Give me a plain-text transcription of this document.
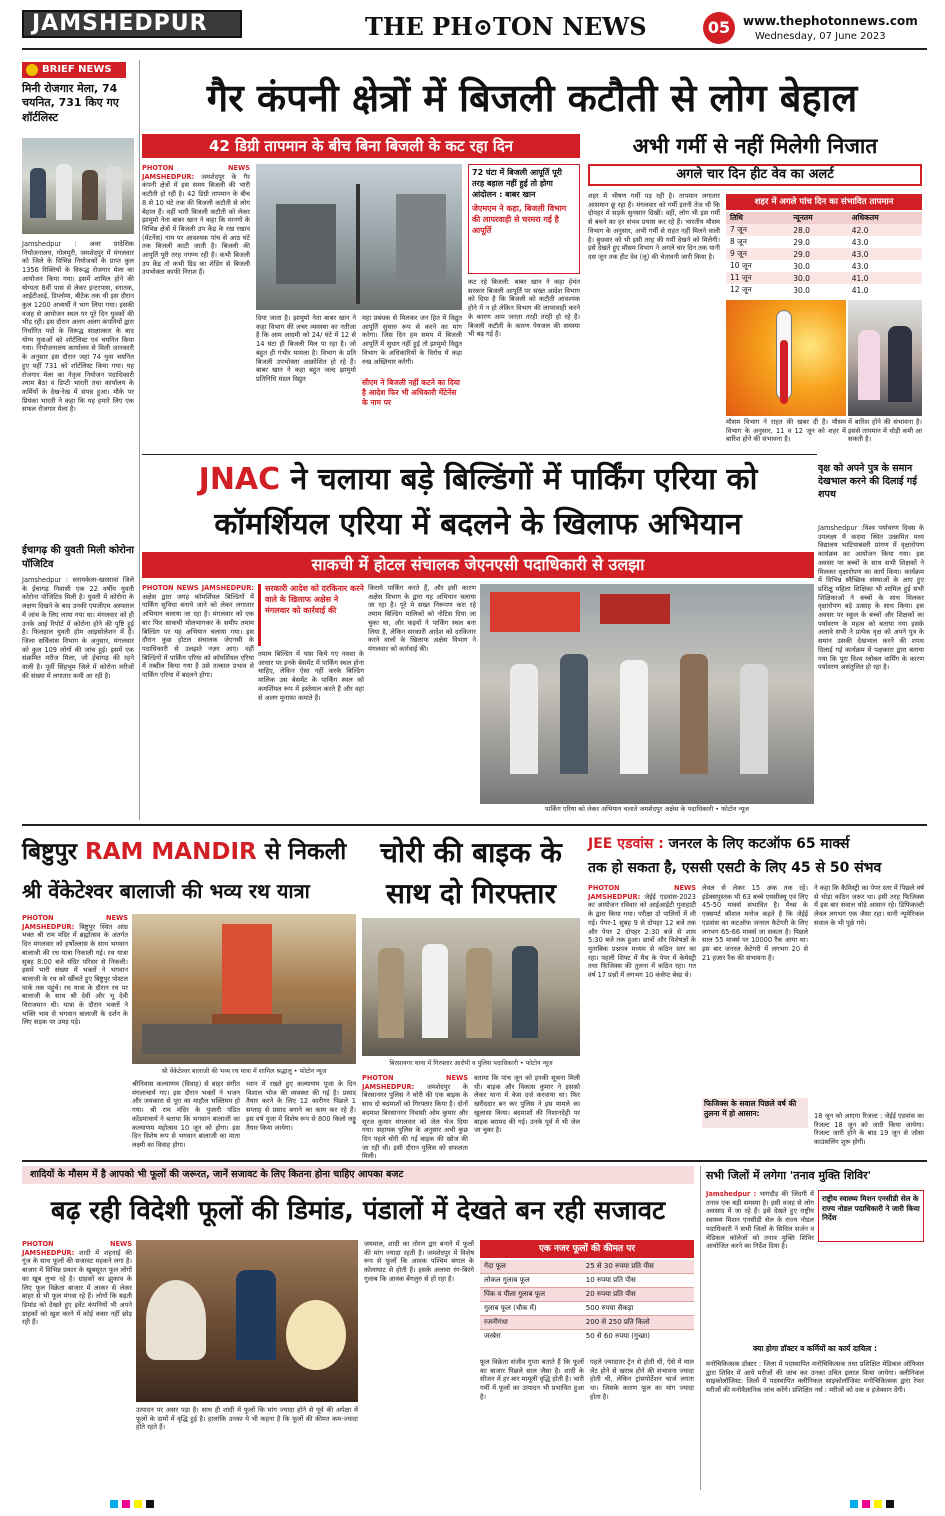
JAMSHEDPUR	THE PH⊙TON NEWS	05	www.thephotonnews.com
Wednesday, 07 June 2023
BRIEF NEWS
मिनी रोजगार मेला, 74 चयनित, 731 किए गए शॉर्टलिस्ट
Jamshedpur : अवर प्रादेशिक नियोजनालय, गोलमुरी, जमशेदपुर में मंगलवार को जिले के विभिन्न नियोजकों के प्राप्त कुल 1356 रिक्तियों के विरूद्ध रोजगार मेला का आयोजन किया गया। इसमें शामिल होने की योग्यता 8वीं पास से लेकर इन्टरपास, स्नातक, आईटीआई, डिप्लोमा, बीटेक तक थी इस दौरान कुल 1200 अभ्यर्थी ने भाग लिया गया। इसकी वजह से आयोजन स्थल पर पूरे दिन युवकों की भीड़ रही। इस दौरान अलग अलग कंपनियों द्वारा निर्धारित पदों के विरूद्ध साक्षात्कार के बाद योग्य युवाओं को शॉर्टलिस्ट एवं चयनित किया गया। नियोजनालय कार्यालय से मिली जानकारी के अनुसार इस दौरान जहां 74 युवा चयनित हुए वहीं 731 को शॉर्टलिस्ट किया गया। यह रोजगार मेला का नेतृत्व नियोजन पदाधिकारी श्याम बैठा व डिप्टी भारती तथा कार्यालय के कर्मियों के देख-रेख में संपन्न हुआ। मौके पर प्रियंका भारती ने कहा कि यह हमारे लिए एक सफल रोजगार मेला है।
ईचागढ़ की युवती मिली कोरोना पॉजिटिव
Jamshedpur : सरायकेला-खरसावां जिले के ईचागढ़ निवासी एक 22 वर्षीय युवती कोरोना पॉजिटिव मिली है। युवती में कोरोना के लक्षण दिखने के बाद उनकी एमजीएम अस्पताल में जांच के लिए लाया गया था। मंगलवार को ही उनके आई रिपोर्ट में कोरोना होने की पुष्टि हुई है। फिलहाल युवती होम आइसोलेशन में हैं। जिला सर्विलांस विभाग के अनुसार, मंगलवार को कुल 109 लोगों की जांच हुई। इसमें एक संक्रमित मरीज मिला, जो ईचागढ़ की रहने वाली है। पूर्वी सिंहभूम जिले में कोरोना मरीजों की संख्या में लगातार कमी आ रही है।
गैर कंपनी क्षेत्रों में बिजली कटौती से लोग बेहाल
42 डिग्री तापमान के बीच बिना बिजली के कट रहा दिन
PHOTON NEWS JAMSHEDPUR: जमशेदपुर के गैर कंपनी क्षेत्रों में इस समय बिजली की भारी कटौती हो रही है। 42 डिग्री तापमान के बीच 8 से 10 घंटे तक की बिजली कटौती से लोग बेहाल हैं। वहीं भारी बिजली कटौती को लेकर झामुमो नेता बाबर खान ने कहा कि मानगो के विभिन्न क्षेत्रों में बिजली उप केंद्र के रख रखाव (मेंटनेंस) नाम पर आवश्यक पांच से आठ घंटे तक बिजली काटी जाती है। बिजली की आपूर्ति पूरी तरह नगण्य रही है। कभी बिजली उप केंद्र तो कभी ग्रिड का शेडिंग से बिजली उपभोक्ता काफी निराश हैं।
दिया जाता है। झामुमो नेता बाबर खान ने कहा विभाग की लचर व्यवस्था का नतीजा है कि आम आदमी को 24/ घंटे में 12 से 14 घंटा ही बिजली मिल पा रहा है। जो बहुत ही गंभीर मामला है। विभाग के प्रति बिजली उपभोक्ता आक्रोशित हो रहे हैं। बाबर खान ने कहा बहुत जल्द झामुमो प्रतिनिधि मंडल विद्युत
महा प्रबंधक से मिलकर जन हित में विद्युत आपूर्ति सुचारु रूप से करने का मांग करेगा। जिस दिन हम समय में बिजली आपूर्ति में सुधार नहीं हुई तो झामुमो विद्युत विभाग के अधिकारियों के विरोध में कड़ा रुख अख्तियार करेगी।
सीएम ने बिजली नहीं कटने का दिया है आदेश फिर भी अधिकारी मेंटेनेंस के नाम पर
72 घंटा में बिजली आपूर्ति पूरी तरह बहाल नहीं हुई तो होगा आंदोलन : बाबर खान
जेएमएम ने कहा, बिजली विभाग की लापरवाही से चरमरा गई है आपूर्ति
कट रहे बिजली: बाबर खान ने कहा हेमंत सरकार बिजली आपूर्ति पर सख्त आदेश विभाग को दिया है कि बिजली को कटौती आवश्यक होने में न हो लेकिन विभाग की लापरवाही करने के कारण आम जनता तरही तरही हो रहे हैं। बिजली कटौती के कारण पेयजल की समस्या भी बढ़ गई है।
अभी गर्मी से नहीं मिलेगी निजात
अगले चार दिन हीट वेव का अलर्ट
शहर में भीषण गर्मी पड़ रही है। तापमान लगातार आसमान छू रहा है। मंगलवार को गर्मी इतनी तेज थी कि दोपहर में सड़कें सुनसान दिखीं। वहीं, लोग भी इस गर्मी से बचने का हर संभव प्रयास कर रहे हैं। भारतीय मौसम विभाग के अनुसार, अभी गर्मी से राहत नहीं मिलने वाली है। बुधवार को भी इसी तरह की गर्मी देखने को मिलेगी। इसे देखते हुए मौसम विभाग ने अगले चार दिन तक यानी दस जून तक हीट वेव (लू) की चेतावनी जारी किया है।
शहर में अगले पांच दिन का संभावित तापमान
तिथि	न्यूनतम	अधिकतम
7 जून	28.0	42.0
8 जून	29.0	43.0
9 जून	29.0	43.0
10 जून	30.0	43.0
11 जून	30.0	41.0
12 जून	30.0	41.0
मौसम विभाग ने राहत की खबर दी है। मौसम विभाग के अनुसार, 11 व 12 जून को शहर में बारिश होने की संभावना है।
में बारिश होने की संभावना है। इससे तापमान में थोड़ी कमी आ सकती है।
JNAC ने चलाया बड़े बिल्डिंगों में पार्किंग एरिया को
कॉमर्शियल एरिया में बदलने के खिलाफ अभियान
साकची में होटल संचालक जेएनएसी पदाधिकारी से उलझा
PHOTON NEWS JAMSHEDPUR: अक्षेस द्वारा जगह कॉमर्शियल बिल्डिंगों में पार्किंग सुविधा बनाये जाने को लेकर लगातार अभियान चलाया जा रहा है। मंगलवार को एक बार फिर साकची मोलभागकर के समीप तमाम बिल्डिंग पर यह अभियान चलाया गया। इस दौरान कुछ होटल संचालक जेएनसी के पदाधिकारी से उलझते नज़र आए। वहीं बिल्डिंगों में पार्किंग एरिया को कॉमर्शियल एरिया में तब्दील किया गया है उसे तत्काल प्रभाव से पार्किंग एरिया में बदलने होगा।
सरकारी आदेश को दरकिनार करने वाले के खिलाफ अक्षेस ने मंगलवार को कार्रवाई की
तमाम बिल्डिंग में पास किये गए नक्शा के आधार पर इनके बेसमेंट में पार्किंग स्थल होना चाहिए, लेकिन ऐसा नहीं करके बिल्डिंग मालिक उस बेसमेंट के पार्किंग स्थल को कमर्शियल रूप में इस्तेमाल करते हैं और वहां से अलग मुनाफा कमाते हैं।
किराये पार्किंग करते हैं, और इसी कारण अक्षेस विभाग के द्वारा यह अभियान चलाया जा रहा है। पूरे मे सख्त निरूपण करा रहे तमाम बिल्डिंग मालिकों को नोटिस दिया जा चुका था, और कइयों ने पार्किंग स्थल बना लिया है, लेकिन सरकारी आदेश को दरकिनार करने वालों के खिलाफ अक्षेस विभाग ने मंगलवार को कार्रवाई की।
पार्किंग एरिया को लेकर अभियान चलाते जमशेदपुर अक्षेस के पदाधिकारी • फोटोन न्यूज
वृक्ष को अपने पुत्र के समान देखभाल करने की दिलाई गई शपथ
Jamshedpur :विश्व पर्यावरण दिवस के उपलक्ष्य में कदमा स्थित उत्क्रमित मध्य विद्यालय भाटियाबस्ती प्रांगण में वृक्षारोपण कार्यक्रम का आयोजन किया गया। इस अवसर पर बच्चों के साथ सभी शिक्षकों ने मिलकर वृक्षारोपण का कार्य किया। कार्यक्रम में विभिन्न स्वैच्छिक संस्थाओं के आए हुए प्रशिक्षु महिला शिक्षिका भी शामिल हुई सभी शिक्षिकाओं ने बच्चों के साथ मिलकर वृक्षारोपण बड़े उत्साह के साथ किया। इस अवसर पर स्कूल के बच्चों और शिक्षकों का पर्यावरण के महत्व को बताया गया इसके अलावे सभी ने प्रत्येक वृक्ष को अपने पुत्र के समान उसकी देखभाल करने की शपथ दिलाई गई कार्यक्रम में पक्षकारा द्वारा बताया गया कि पूरा विश्व ग्लोबल वार्मिंग के कारण पर्यावरण असंतुलित हो रहा है।
बिष्टुपुर RAM MANDIR से निकली
श्री वेंकेटेश्वर बालाजी की भव्य रथ यात्रा
PHOTON NEWS JAMSHEDPUR: बिष्टुपुर स्थित आंध्र भक्त श्री राम मंदिर में ब्रह्मोत्सव के अंतर्गत दिन मंगलवार को हर्षोल्लास के साथ भगवान बालाजी की रथ यात्रा निकाली गई। रथ यात्रा सुबह 8:00 बजे मंदिर परिसर से निकली। इसमें भारी संख्या में भक्तों ने भगवान बालाजी के रथ को खींचते हुए बिष्टुपुर पोस्टल पार्क तक पहुंचे। रथ यात्रा के दौरान रथ पर बालाजी के साथ श्री देवी और भू देवी विराजमान थी। यात्रा के दौरान भक्तों ने भक्ति भाव से भगवान बालाजी के दर्शन के लिए सड़क पर उमड़ पड़े।
श्री वेंकेटेश्वर बालाजी की भव्य रथ यात्रा में शामिल श्रद्धालु • फोटोन न्यूज
श्रीनिवास कल्याणम (विवाह) से बाहर संगीत मंगलाचार्य गए। इस दौरान भक्तों ने भजन और जयकारा से पूरा का माहौल भक्तिमय हो गया। श्री राम मंदिर के पुजारी पंडित कोंडमाचार्य ने बताया कि भगवान बालाजी का कल्याणम महोत्सव 10 जून को होगा। इस दिन विशेष रूप से भगवान बालाजी का माता लक्ष्मी का विवाह होगा।
ध्यान में रखते हुए कल्याणम पूजा के दिन विशाल भोज की व्यवस्था की गई है। प्रसाद तैयार करने के लिए 12 कारीगर पिछले 1 सप्ताह से प्रसाद बनाने का काम कर रहे हैं। इस वर्ष पूजा में विशेष रूप से 800 किलो लड्डू तैयार किया जायेगा।
चोरी की बाइक के
साथ दो गिरफ्तार
बिरसानगर थाना में गिरफ्तार आरोपी व पुलिस पदाधिकारी • फोटोन न्यूज
PHOTON NEWS JAMSHEDPUR: जमशेदपुर के बिरसानगर पुलिस ने चोरी की एक बाइक के साथ दो बदमाशों को गिरफ्तार किया है। दोनों बदमाश बिरसानगर निवासी ओम कुमार और सूरज कुमार मंगलवार को जेल भेज दिया गया। सहायक पुलिस के अनुसार अभी कुछ दिन पहले चोरी की गई बाइक की खोज की जा रही थी। इसी दौरान पुलिस को सफलता मिली।
बताया कि पांच जून को इनकी सूचना मिली थी। बाइक और विकास कुमार ने इसको लेकर थाना में केस दर्ज करवाया था। फिर खरीददार बन कर पुलिस ने इस मामले का खुलासा किया। बदमाशों की निशानदेही पर बाइक बरामद की गई। उनके पूर्व में भी जेल जा चुका है।
JEE एडवांस : जनरल के लिए कटऑफ 65 मार्क्स
तक हो सकता है, एससी एसटी के लिए 45 से 50 संभव
PHOTON NEWS JAMSHEDPUR: जेईई एडवांस-2023 का आयोजन रविवार को आईआईटी गुवाहाटी के द्वारा किया गया। परीक्षा दो पालियों में ली गई। पेपर-1 सुबह 9 से दोपहर 12 बजे तक और पेपर 2 दोपहर 2:30 बजे से शाम 5:30 बजे तक हुआ। छात्रों और विशेषज्ञों के मुताबिक प्रश्नपत्र मध्यम से कठिन स्तर का रहा। पहली शिफ्ट में मैथ के पेपर में केमेस्ट्री तथा फिजिक्स की तुलना में कठिन रहा। गत वर्ष 17 प्रश्नों में लगभग 10 कंसेप्ट बेस्ड थे।
लेवल से लेकर 15 अंक तक रहे। इंडेक्सपुस्तक भी 63 बच्चे एमसीक्यू एवं लिए 45-50 मार्क्स संभावित है। मैथ्स के एक्सपर्ट कौशल मनोज कहते हैं कि जेईई एडवांस का कटऑफ जनरल कैटेगरी के लिए लगभग 65-66 मार्क्स जा सकता है। पिछले साल 55 मार्क्स पर 10000 रैंक आया था। इस बार जनरल केटेगरी में लगभग 20 से 21 हजार रैंक की संभावना है।
फिजिक्स के सवाल पिछले वर्ष की तुलना में हो आसान:
ने कहा कि कैमिस्ट्री का पेपर स्तर में पिछले वर्ष से थोड़ा कठिन जरूर था। इसी तरह फिजिक्स में इस बार सवाल थोड़े आसान रहे। डिफिकल्टी लेवल लगभग एक जैसा रहा। यानी न्यूमेरिकल सवाल के भी पूछे गये।
18 जून को आएगा रिजल्ट : जेईई एडवांस का रिजल्ट 18 जून को जारी किया जायेगा। रिजल्ट जारी होने के बाद 19 जून से जोसा काउंसलिंग शुरू होगी।
शादियों के मौसम में है आपको भी फूलों की जरूरत, जानें सजावट के लिए कितना होना चाहिए आपका बजट
बढ़ रही विदेशी फूलों की डिमांड, पंडालों में देखते बन रही सजावट
PHOTON NEWS JAMSHEDPUR: शादी में शहनाई की गूंज के साथ फूलों की सजावट महकने लगा है। बाजार में विभिन्न प्रकार के खूबसूरत फूल लोगों का खूब लुभा रहे है। ग्राहकों का झुकाव के लिए फूल विक्रेता बाजार में लाकर से लेकर बाहर से भी फूल मंगवा रहे हैं। लोगों कि बढ़ती डिमांड को देखते हुए इवेंट कंपनियों भी अपने ग्राहकों को खुश करने में कोई कसर नहीं छोड़ रही हैं।
उत्पादन पर असर पड़ा है। साथ ही शादी में फूलों कि मांग ज्यादा होने से पूर्व की अपेक्षा में फूलों के दामों में वृद्धि हुई है। हालांकि उनका ये भी कहना है कि फूलों की कीमत कम-ज्यादा होते रहते हैं।
जयमाल, शादी का तोरण द्वार बनाने में फूलों की मांग ज्यादा रहती है। जमशेदपुर में विशेष रूप से फूलों कि आवक पश्चिम बंगाल के कोलाघाट से होती है। इसके अलावा रंग-बिरंगे गुलाब कि आवक बेंगलुरु से हो रहा है।
एक नजर फूलों की कीमत पर
गेंदा फूल	25 से 30 रुपया प्रति पीस
लोकल गुलाब फूल	10 रुपया प्रति पीस
पिंक व पीला गुलाब फूल	20 रुपया प्रति पीस
गुलाब फूल (चौक में)	500 रुपया सैकड़ा
रजनीगंधा	200 से 250 प्रति किलो
जरबेरा	50 से 60 रुपया (गुच्छा)
फूल विक्रेता संजीव गुप्ता बताते हैं कि फूलों का बाजार पिछले साल जैसा है। शादी के सीजन में हर बार मामूली वृद्धि होती है। भारी गर्मी में फूलों का उत्पादन भी प्रभावित हुआ है।
पहले ज्यादातर ट्रेन से होती थी, ऐसे में माल लेट होने से खराब होने की संभावना ज्यादा होती थी, लेकिन ट्रांसपोर्टेशन चार्ज लगता था। जिसके कारण फूल का मांग ज्यादा होता है।
सभी जिलों में लगेगा 'तनाव मुक्ति शिविर'
Jamshedpur : भागदौड़ की जिंदगी में तनाव एक बड़ी समस्या है। इसी वजह से लोग अवसाद में जा रहे हैं। इसे देखते हुए राष्ट्रीय स्वास्थ्य मिशन एनसीडी सेल के राज्य नोडल पदाधिकारी ने सभी जिलों के सिविल सर्जन व मेडिकल कॉलेजों को तनाव मुक्ति शिविर आयोजित करने का निर्देश दिया है।
राष्ट्रीय स्वास्थ्य मिशन एनसीडी सेल के राज्य नोडल पदाधिकारी ने जारी किया निर्देश
क्या होगा डॉक्टर व कर्मियों का कार्य दायित्व :
मनोचिकित्सक डॉक्टर : जिला में पदस्थापित मनोचिकित्सक तथा प्रशिक्षित मेडिकल ऑफिसर द्वारा शिविर में आये मरीजों की जांच कर उनका उचित इलाज किया जायेगा। क्लीनिकल साइकोलॉजिस्ट: जिलों में पदस्थापित क्लीनिकल साइकोलॉजिस्ट मनोचिकित्सक द्वारा रेफर मरीजों की मनोवैज्ञानिक जांच करेंगे। प्रशिक्षित नर्स : मरीजों को दवा व इंजेक्शन देंगी।
